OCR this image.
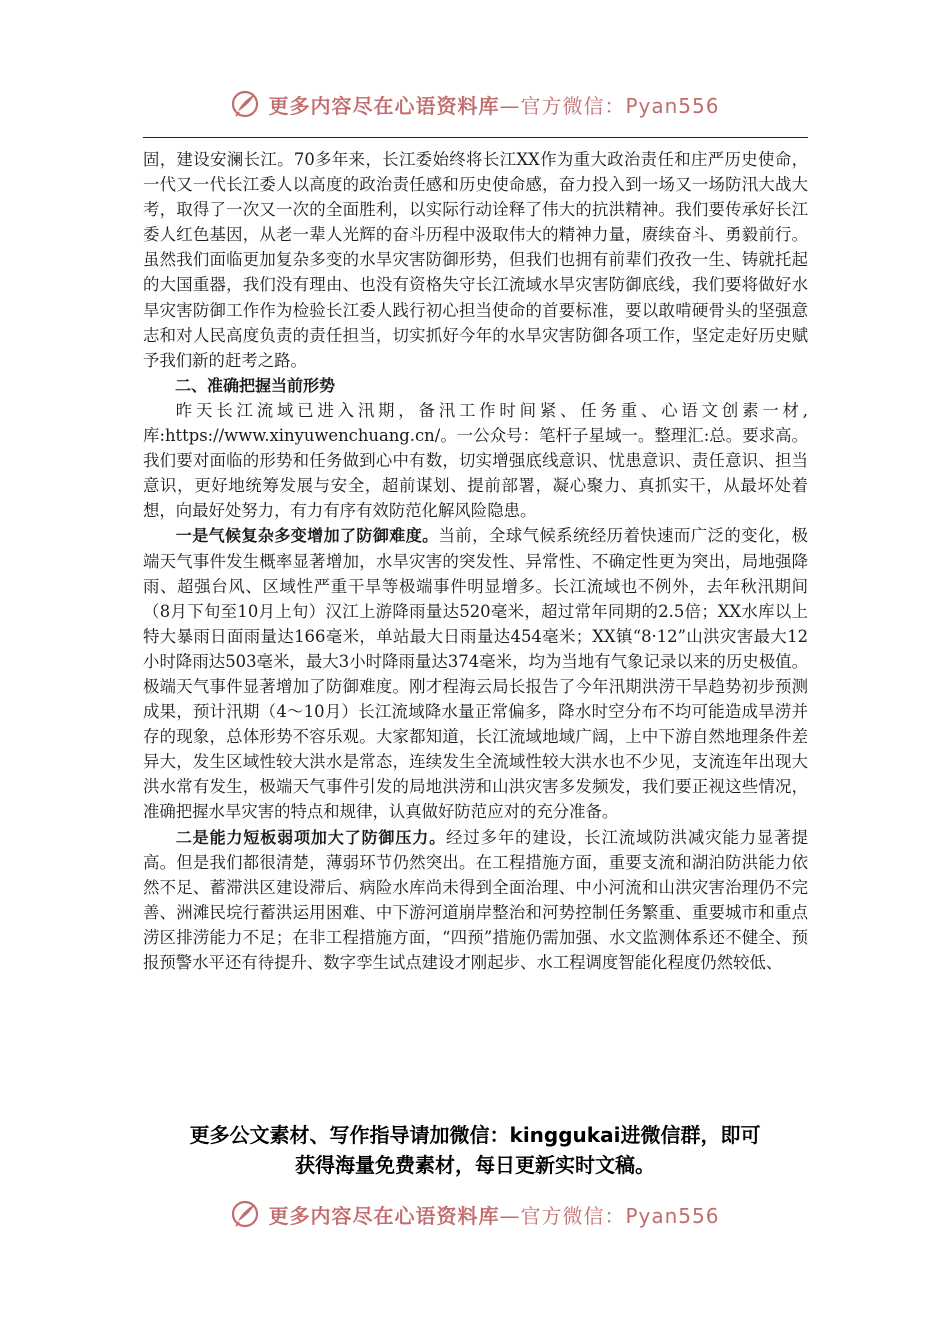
更多内容尽在心语资料库 —官方微信：Pyan556

固，建设安澜长江。70多年来，长江委始终将长江XX作为重大政治责任和庄严历史使命，一代又一代长江委人以高度的政治责任感和历史使命感，奋力投入到一场又一场防汛大战大考，取得了一次又一次的全面胜利，以实际行动诠释了伟大的抗洪精神。我们要传承好长江委人红色基因，从老一辈人光辉的奋斗历程中汲取伟大的精神力量，赓续奋斗、勇毅前行。虽然我们面临更加复杂多变的水旱灾害防御形势，但我们也拥有前辈们孜孜一生、铸就托起的大国重器，我们没有理由、也没有资格失守长江流域水旱灾害防御底线，我们要将做好水旱灾害防御工作作为检验长江委人践行初心担当使命的首要标准，要以敢啃硬骨头的坚强意志和对人民高度负责的责任担当，切实抓好今年的水旱灾害防御各项工作，坚定走好历史赋予我们新的赶考之路。

二、准确把握当前形势

昨天长江流域已进入汛期，备汛工作时间紧、任务重、心语文创素一材,库:https://www.xinyuwenchuang.cn/。一公众号：笔杆子星域一。整理汇:总。要求高。我们要对面临的形势和任务做到心中有数，切实增强底线意识、忧患意识、责任意识、担当意识，更好地统筹发展与安全，超前谋划、提前部署，凝心聚力、真抓实干，从最坏处着想，向最好处努力，有力有序有效防范化解风险隐患。

一是气候复杂多变增加了防御难度。当前，全球气候系统经历着快速而广泛的变化，极端天气事件发生概率显著增加，水旱灾害的突发性、异常性、不确定性更为突出，局地强降雨、超强台风、区域性严重干旱等极端事件明显增多。长江流域也不例外，去年秋汛期间（8月下旬至10月上旬）汉江上游降雨量达520毫米，超过常年同期的2.5倍；XX水库以上特大暴雨日面雨量达166毫米，单站最大日雨量达454毫米；XX镇“8·12”山洪灾害最大12小时降雨达503毫米，最大3小时降雨量达374毫米，均为当地有气象记录以来的历史极值。极端天气事件显著增加了防御难度。刚才程海云局长报告了今年汛期洪涝干旱趋势初步预测成果，预计汛期（4～10月）长江流域降水量正常偏多，降水时空分布不均可能造成旱涝并存的现象，总体形势不容乐观。大家都知道，长江流域地域广阔，上中下游自然地理条件差异大，发生区域性较大洪水是常态，连续发生全流域性较大洪水也不少见，支流连年出现大洪水常有发生，极端天气事件引发的局地洪涝和山洪灾害多发频发，我们要正视这些情况，准确把握水旱灾害的特点和规律，认真做好防范应对的充分准备。

二是能力短板弱项加大了防御压力。经过多年的建设，长江流域防洪减灾能力显著提高。但是我们都很清楚，薄弱环节仍然突出。在工程措施方面，重要支流和湖泊防洪能力依然不足、蓄滞洪区建设滞后、病险水库尚未得到全面治理、中小河流和山洪灾害治理仍不完善、洲滩民垸行蓄洪运用困难、中下游河道崩岸整治和河势控制任务繁重、重要城市和重点涝区排涝能力不足；在非工程措施方面，“四预”措施仍需加强、水文监测体系还不健全、预报预警水平还有待提升、数字孪生试点建设才刚起步、水工程调度智能化程度仍然较低、

更多公文素材、写作指导请加微信：kinggukai进微信群，即可
获得海量免费素材，每日更新实时文稿。
更多内容尽在心语资料库 —官方微信：Pyan556
